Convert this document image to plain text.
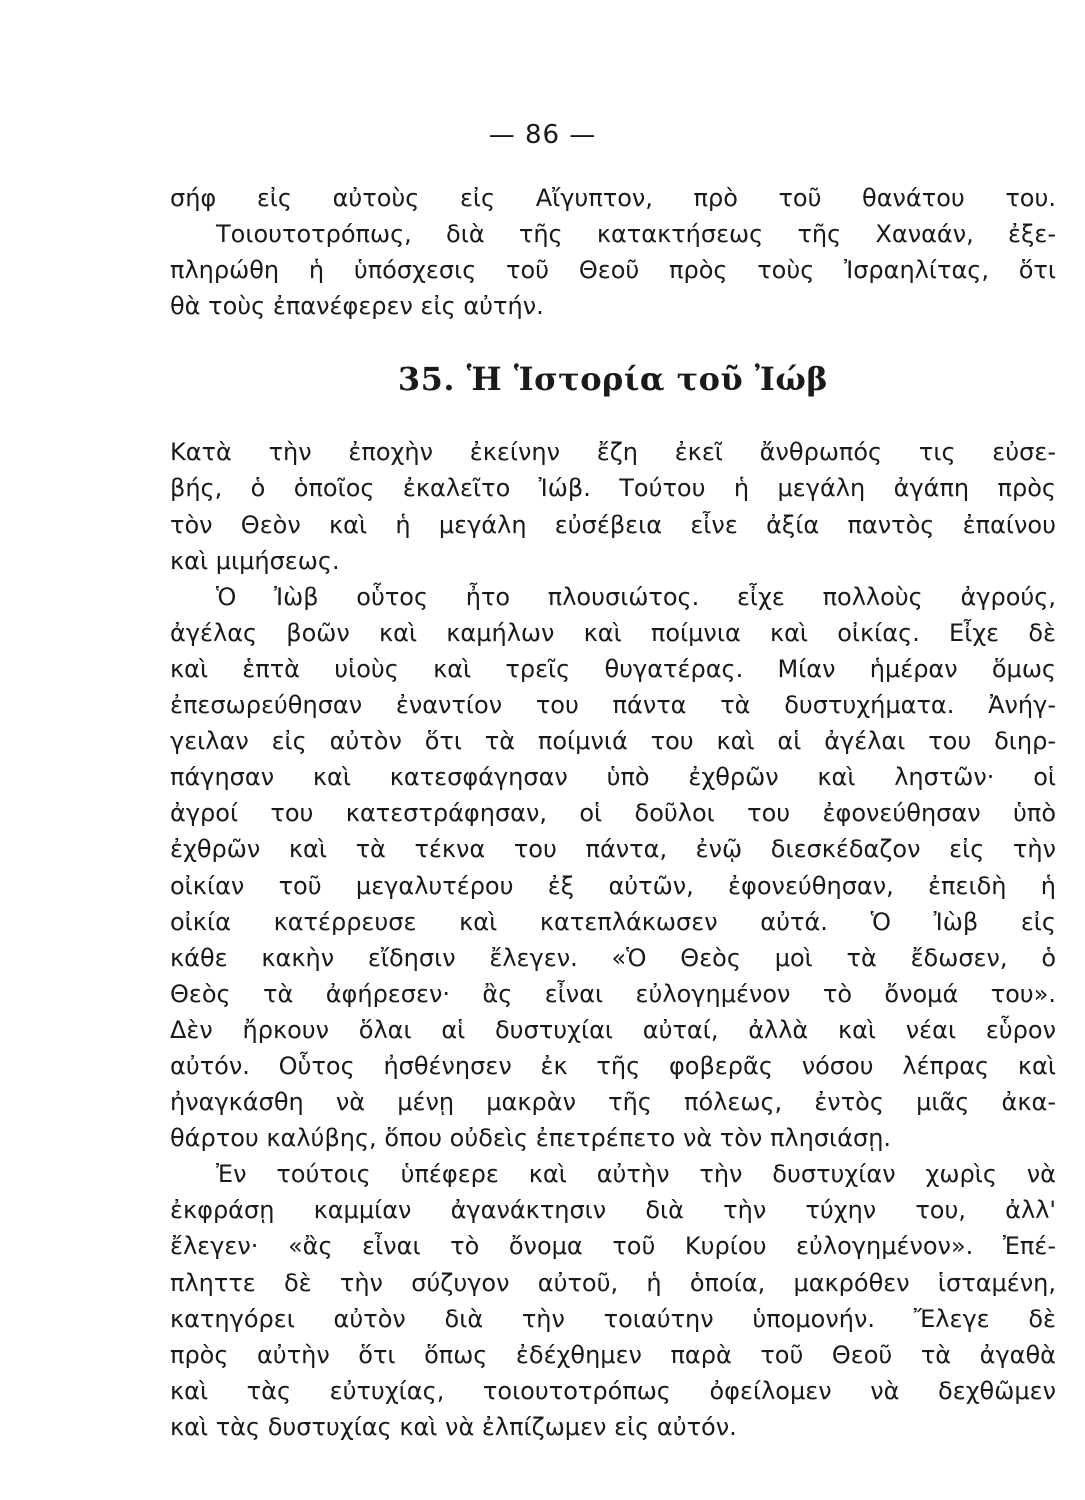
— 86 —
σήφ εἰς αὐτοὺς εἰς Αἴγυπτον, πρὸ τοῦ θανάτου του.
Τοιουτοτρόπως, διὰ τῆς κατακτήσεως τῆς Χαναάν, ἐξε-
πληρώθη ἡ ὑπόσχεσις τοῦ Θεοῦ πρὸς τοὺς Ἰσραηλίτας, ὅτι
θὰ τοὺς ἐπανέφερεν εἰς αὐτήν.
35. Ἡ Ἱστορία τοῦ Ἰώβ
Κατὰ τὴν ἐποχὴν ἐκείνην ἔζη ἐκεῖ ἄνθρωπός τις εὐσε-
βής, ὁ ὁποῖος ἐκαλεῖτο Ἰώβ. Τούτου ἡ μεγάλη ἀγάπη πρὸς
τὸν Θεὸν καὶ ἡ μεγάλη εὐσέβεια εἶνε ἀξία παντὸς ἐπαίνου
καὶ μιμήσεως.
Ὁ Ἰὼβ οὗτος ἦτο πλουσιώτος. εἶχε πολλοὺς ἀγρούς,
ἀγέλας βοῶν καὶ καμήλων καὶ ποίμνια καὶ οἰκίας. Εἶχε δὲ
καὶ ἑπτὰ υἱοὺς καὶ τρεῖς θυγατέρας. Μίαν ἡμέραν ὅμως
ἐπεσωρεύθησαν ἐναντίον του πάντα τὰ δυστυχήματα. Ἀνήγ-
γειλαν εἰς αὐτὸν ὅτι τὰ ποίμνιά του καὶ αἱ ἀγέλαι του διηρ-
πάγησαν καὶ κατεσφάγησαν ὑπὸ ἐχθρῶν καὶ ληστῶν· οἱ
ἀγροί του κατεστράφησαν, οἱ δοῦλοι του ἐφονεύθησαν ὑπὸ
ἐχθρῶν καὶ τὰ τέκνα του πάντα, ἐνῷ διεσκέδαζον εἰς τὴν
οἰκίαν τοῦ μεγαλυτέρου ἐξ αὐτῶν, ἐφονεύθησαν, ἐπειδὴ ἡ
οἰκία κατέρρευσε καὶ κατεπλάκωσεν αὐτά. Ὁ Ἰὼβ εἰς
κάθε κακὴν εἴδησιν ἔλεγεν. «Ὁ Θεὸς μοὶ τὰ ἔδωσεν, ὁ
Θεὸς τὰ ἀφήρεσεν· ἂς εἶναι εὐλογημένον τὸ ὄνομά του».
Δὲν ἤρκουν ὅλαι αἱ δυστυχίαι αὐταί, ἀλλὰ καὶ νέαι εὗρον
αὐτόν. Οὗτος ἠσθένησεν ἐκ τῆς φοβερᾶς νόσου λέπρας καὶ
ἠναγκάσθη νὰ μένῃ μακρὰν τῆς πόλεως, ἐντὸς μιᾶς ἀκα-
θάρτου καλύβης, ὅπου οὐδεὶς ἐπετρέπετο νὰ τὸν πλησιάσῃ.
Ἐν τούτοις ὑπέφερε καὶ αὐτὴν τὴν δυστυχίαν χωρὶς νὰ
ἐκφράσῃ καμμίαν ἀγανάκτησιν διὰ τὴν τύχην του, ἀλλ'
ἔλεγεν· «ἂς εἶναι τὸ ὄνομα τοῦ Κυρίου εὐλογημένον». Ἐπέ-
πληττε δὲ τὴν σύζυγον αὐτοῦ, ἡ ὁποία, μακρόθεν ἱσταμένη,
κατηγόρει αὐτὸν διὰ τὴν τοιαύτην ὑπομονήν. Ἔλεγε δὲ
πρὸς αὐτὴν ὅτι ὅπως ἐδέχθημεν παρὰ τοῦ Θεοῦ τὰ ἀγαθὰ
καὶ τὰς εὐτυχίας, τοιουτοτρόπως ὀφείλομεν νὰ δεχθῶμεν
καὶ τὰς δυστυχίας καὶ νὰ ἐλπίζωμεν εἰς αὐτόν.
